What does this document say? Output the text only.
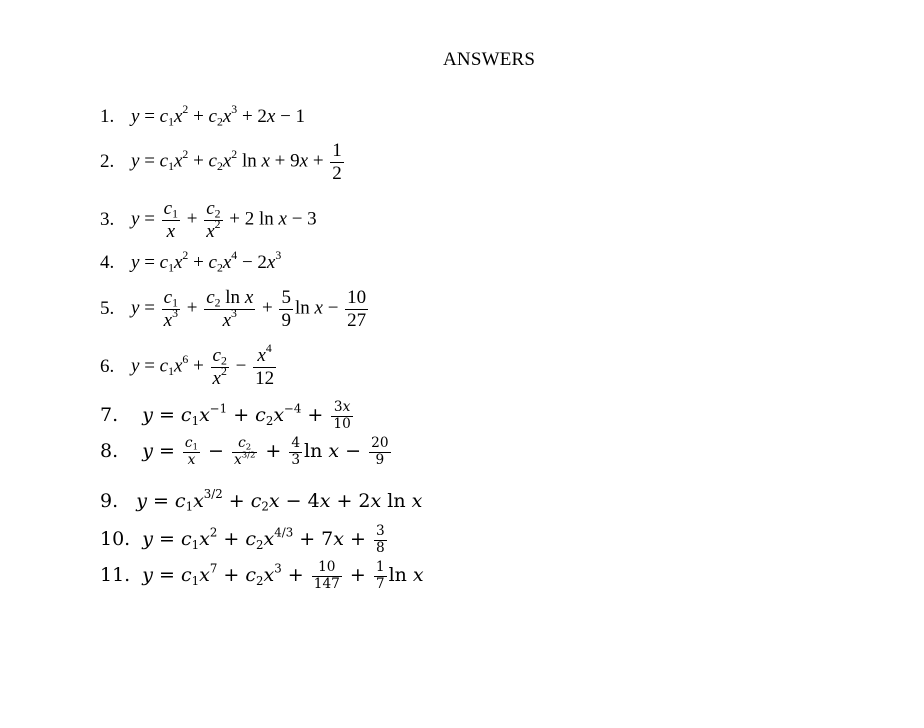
ANSWERS
1. $y = c_1x^2 + c_2x^3 + 2x - 1$
2. $y = c_1x^2 + c_2x^2$ $\ln x + 9x + \frac{1}{2}$
3. $y = \frac{c_1}{x} + \frac{c_2}{x^2} + 2$ ln x − 3
4. $y = c_1x^2 + c_2x^4 - 2x^3$
5. $y = \frac{c_1}{x^3} + \frac{c_2 \ln x}{x^3} + \frac{5}{9}$ $\ln x - \frac{10}{27}$
6. $y = c_1x^6 + \frac{c_2}{x^2} - \frac{x^4}{12}$
7. $y = c_1x^{-1} + c_2x^{-4} + \frac{3x}{10}$
8. $y = \frac{c_1}{x} - \frac{c_2}{x^{3/2}} + \frac{4}{3}$ $\ln x - \frac{20}{9}$
9. $y = c_1x^{3/2} + c_2x - 4x + 2x$ ln x
10. $y = c_1x^2 + c_2x^{4/3} + 7x + \frac{3}{8}$
11. $y = c_1x^7 + c_2x^3 + \frac{10}{147} + \frac{1}{7}$ ln x
